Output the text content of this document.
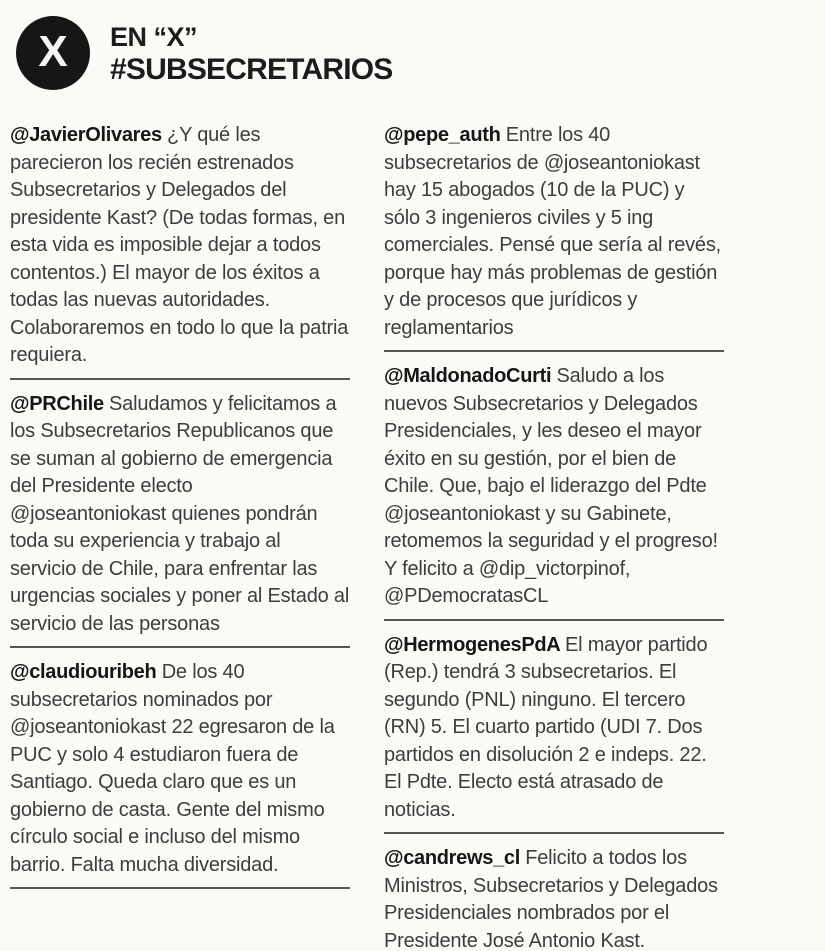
X EN “X”
#SUBSECRETARIOS
@JavierOlivares ¿Y qué les parecieron los recién estrenados Subsecretarios y Delegados del presidente Kast? (De todas formas, en esta vida es imposible dejar a todos contentos.) El mayor de los éxitos a todas las nuevas autoridades. Colaboraremos en todo lo que la patria requiera.
@PRChile Saludamos y felicitamos a los Subsecretarios Republicanos que se suman al gobierno de emergencia del Presidente electo @joseantoniokast quienes pondrán toda su experiencia y trabajo al servicio de Chile, para enfrentar las urgencias sociales y poner al Estado al servicio de las personas
@claudiouribeh De los 40 subsecretarios nominados por @joseantoniokast 22 egresaron de la PUC y solo 4 estudiaron fuera de Santiago. Queda claro que es un gobierno de casta. Gente del mismo círculo social e incluso del mismo barrio. Falta mucha diversidad.
@pepe_auth Entre los 40 subsecretarios de @joseantoniokast hay 15 abogados (10 de la PUC) y sólo 3 ingenieros civiles y 5 ing comerciales. Pensé que sería al revés, porque hay más problemas de gestión y de procesos que jurídicos y reglamentarios
@MaldonadoCurti Saludo a los nuevos Subsecretarios y Delegados Presidenciales, y les deseo el mayor éxito en su gestión, por el bien de Chile. Que, bajo el liderazgo del Pdte @joseantoniokast y su Gabinete, retomemos la seguridad y el progreso! Y felicito a @dip_victorpinof, @PDemocratasCL
@HermogenesPdA El mayor partido (Rep.) tendrá 3 subsecretarios. El segundo (PNL) ninguno. El tercero (RN) 5. El cuarto partido (UDI 7. Dos partidos en disolución 2 e indeps. 22. El Pdte. Electo está atrasado de noticias.
@candrews_cl Felicito a todos los Ministros, Subsecretarios y Delegados Presidenciales nombrados por el Presidente José Antonio Kast.
